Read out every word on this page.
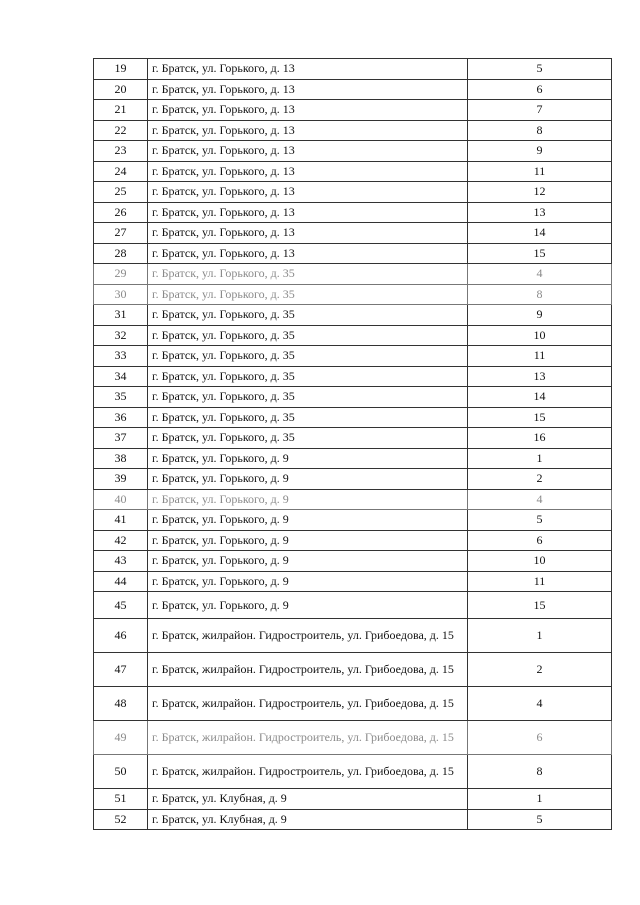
19	г. Братск, ул. Горького, д. 13	5
20	г. Братск, ул. Горького, д. 13	6
21	г. Братск, ул. Горького, д. 13	7
22	г. Братск, ул. Горького, д. 13	8
23	г. Братск, ул. Горького, д. 13	9
24	г. Братск, ул. Горького, д. 13	11
25	г. Братск, ул. Горького, д. 13	12
26	г. Братск, ул. Горького, д. 13	13
27	г. Братск, ул. Горького, д. 13	14
28	г. Братск, ул. Горького, д. 13	15
29	г. Братск, ул. Горького, д. 35	4
30	г. Братск, ул. Горького, д. 35	8
31	г. Братск, ул. Горького, д. 35	9
32	г. Братск, ул. Горького, д. 35	10
33	г. Братск, ул. Горького, д. 35	11
34	г. Братск, ул. Горького, д. 35	13
35	г. Братск, ул. Горького, д. 35	14
36	г. Братск, ул. Горького, д. 35	15
37	г. Братск, ул. Горького, д. 35	16
38	г. Братск, ул. Горького, д. 9	1
39	г. Братск, ул. Горького, д. 9	2
40	г. Братск, ул. Горького, д. 9	4
41	г. Братск, ул. Горького, д. 9	5
42	г. Братск, ул. Горького, д. 9	6
43	г. Братск, ул. Горького, д. 9	10
44	г. Братск, ул. Горького, д. 9	11
45	г. Братск, ул. Горького, д. 9	15
46	г. Братск, жилрайон. Гидростроитель, ул. Грибоедова, д. 15	1
47	г. Братск, жилрайон. Гидростроитель, ул. Грибоедова, д. 15	2
48	г. Братск, жилрайон. Гидростроитель, ул. Грибоедова, д. 15	4
49	г. Братск, жилрайон. Гидростроитель, ул. Грибоедова, д. 15	6
50	г. Братск, жилрайон. Гидростроитель, ул. Грибоедова, д. 15	8
51	г. Братск, ул. Клубная, д. 9	1
52	г. Братск, ул. Клубная, д. 9	5
